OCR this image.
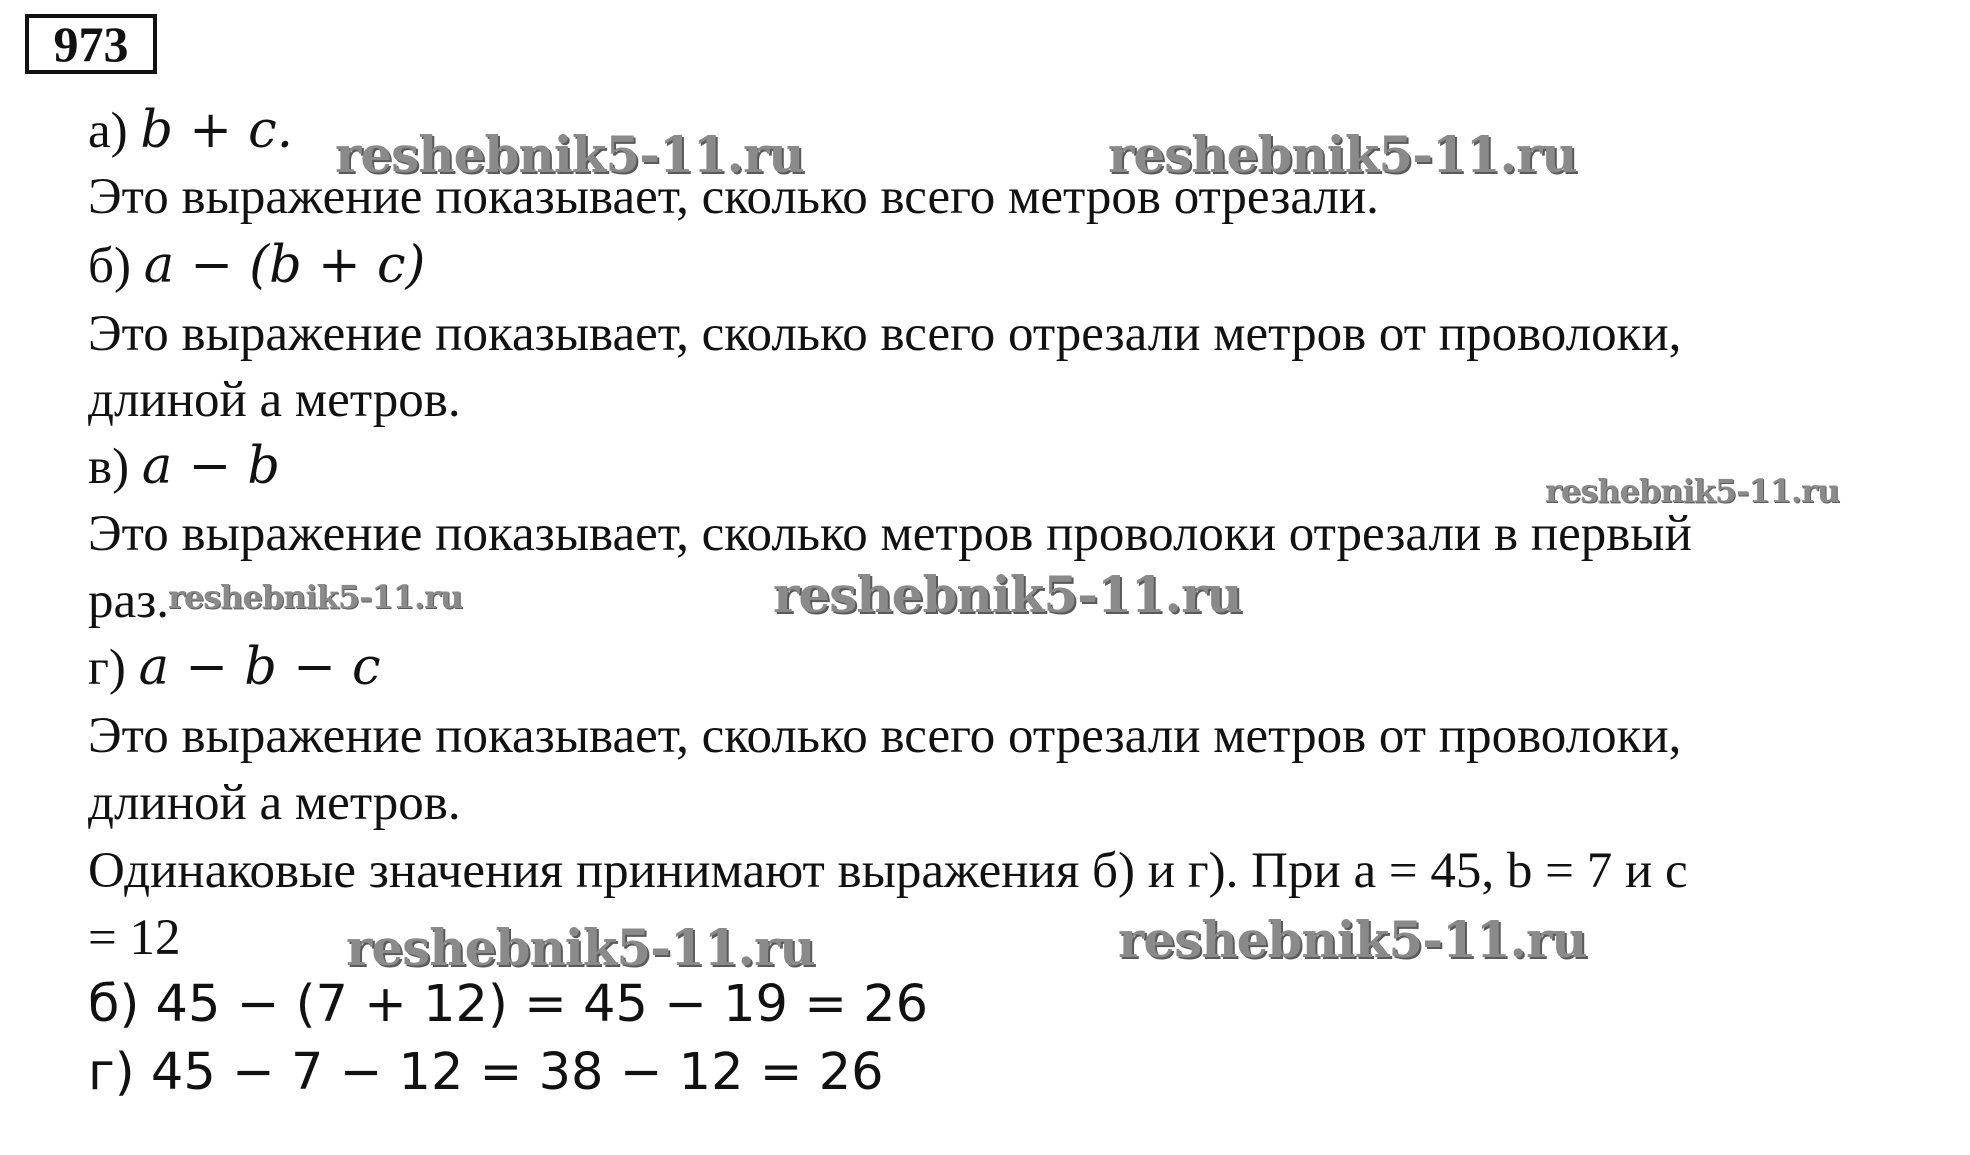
973
а) b + c.
Это выражение показывает, сколько всего метров отрезали.
б) a − (b + c)
Это выражение показывает, сколько всего отрезали метров от проволоки,
длиной а метров.
в) a − b
Это выражение показывает, сколько метров проволоки отрезали в первый
раз.
г) a − b − c
Это выражение показывает, сколько всего отрезали метров от проволоки,
длиной а метров.
Одинаковые значения принимают выражения б) и г). При а = 45, b = 7 и с
= 12
б) 45 − (7 + 12) = 45 − 19 = 26
г) 45 − 7 − 12 = 38 − 12 = 26
reshebnik5-11.ru	reshebnik5-11.ru
reshebnik5-11.ru
reshebnik5-11.ru	reshebnik5-11.ru
reshebnik5-11.ru	reshebnik5-11.ru
